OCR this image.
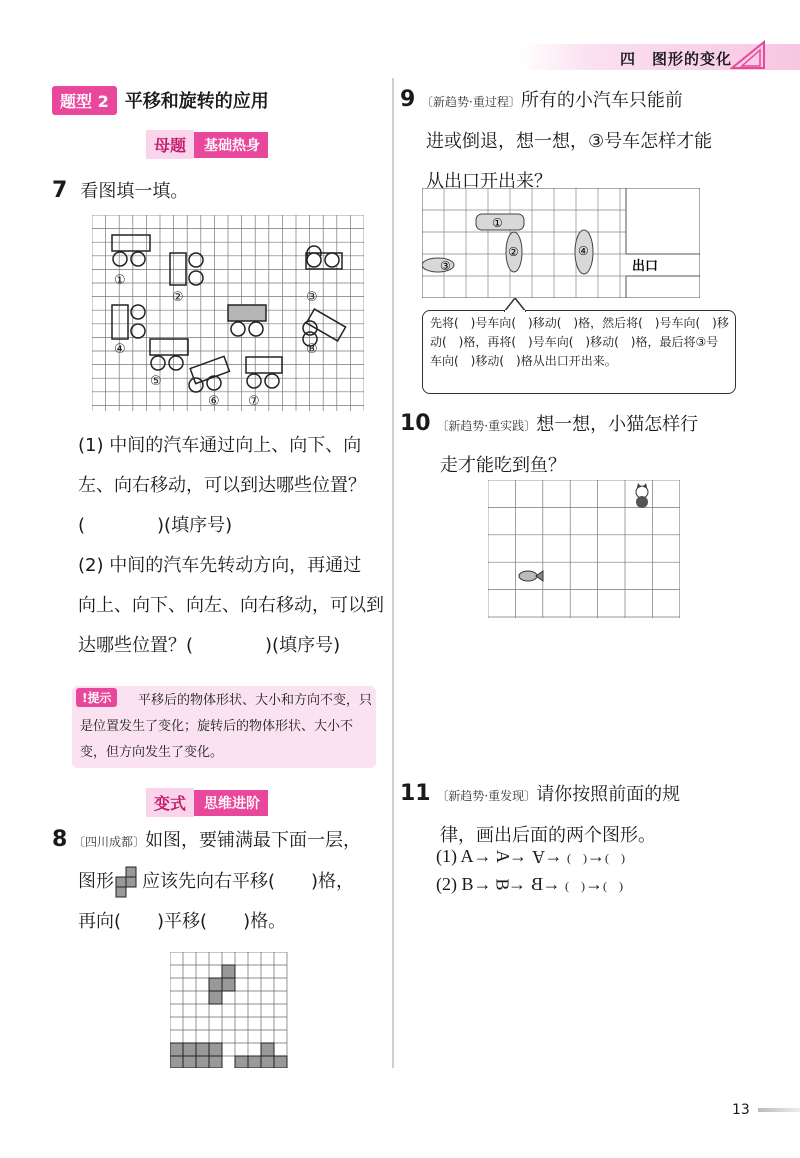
四　图形的变化
题型 2 平移和旋转的应用
母题	基础热身
7 看图填一填。
①
②	③
④
⑤
⑥ ⑦
⑧
(1) 中间的汽车通过向上、向下、向
左、向右移动，可以到达哪些位置？
(　　　　)(填序号)
(2) 中间的汽车先转动方向，再通过
向上、向下、向左、向右移动，可以到
达哪些位置？(　　　　)(填序号)
平移后的物体形状、大小和方向不变，只是位置发生了变化；旋转后的物体形状、大小不变，但方向发生了变化。
!提示
变式	思维进阶
8 〔四川成都〕如图，要铺满最下面一层，
图形 应该先向右平移(　　)格，
再向(　　)平移(　　)格。
9 〔新趋势·重过程〕所有的小汽车只能前
进或倒退，想一想，③号车怎样才能
从出口开出来？
出口
①
②
③
④
先将(　)号车向(　)移动(　)格，然后将(　)号车向(　)移动(　)格，再将(　)号车向(　)移动(　)格，最后将③号车向(　)移动(　)格从出口开出来。
10 〔新趋势·重实践〕想一想，小猫怎样行
走才能吃到鱼？
11 〔新趋势·重发现〕请你按照前面的规
律，画出后面的两个图形。
(1) A→ A→ A→ (　)→(　)
(2) B→ B→ B→ (　)→(　)
13
